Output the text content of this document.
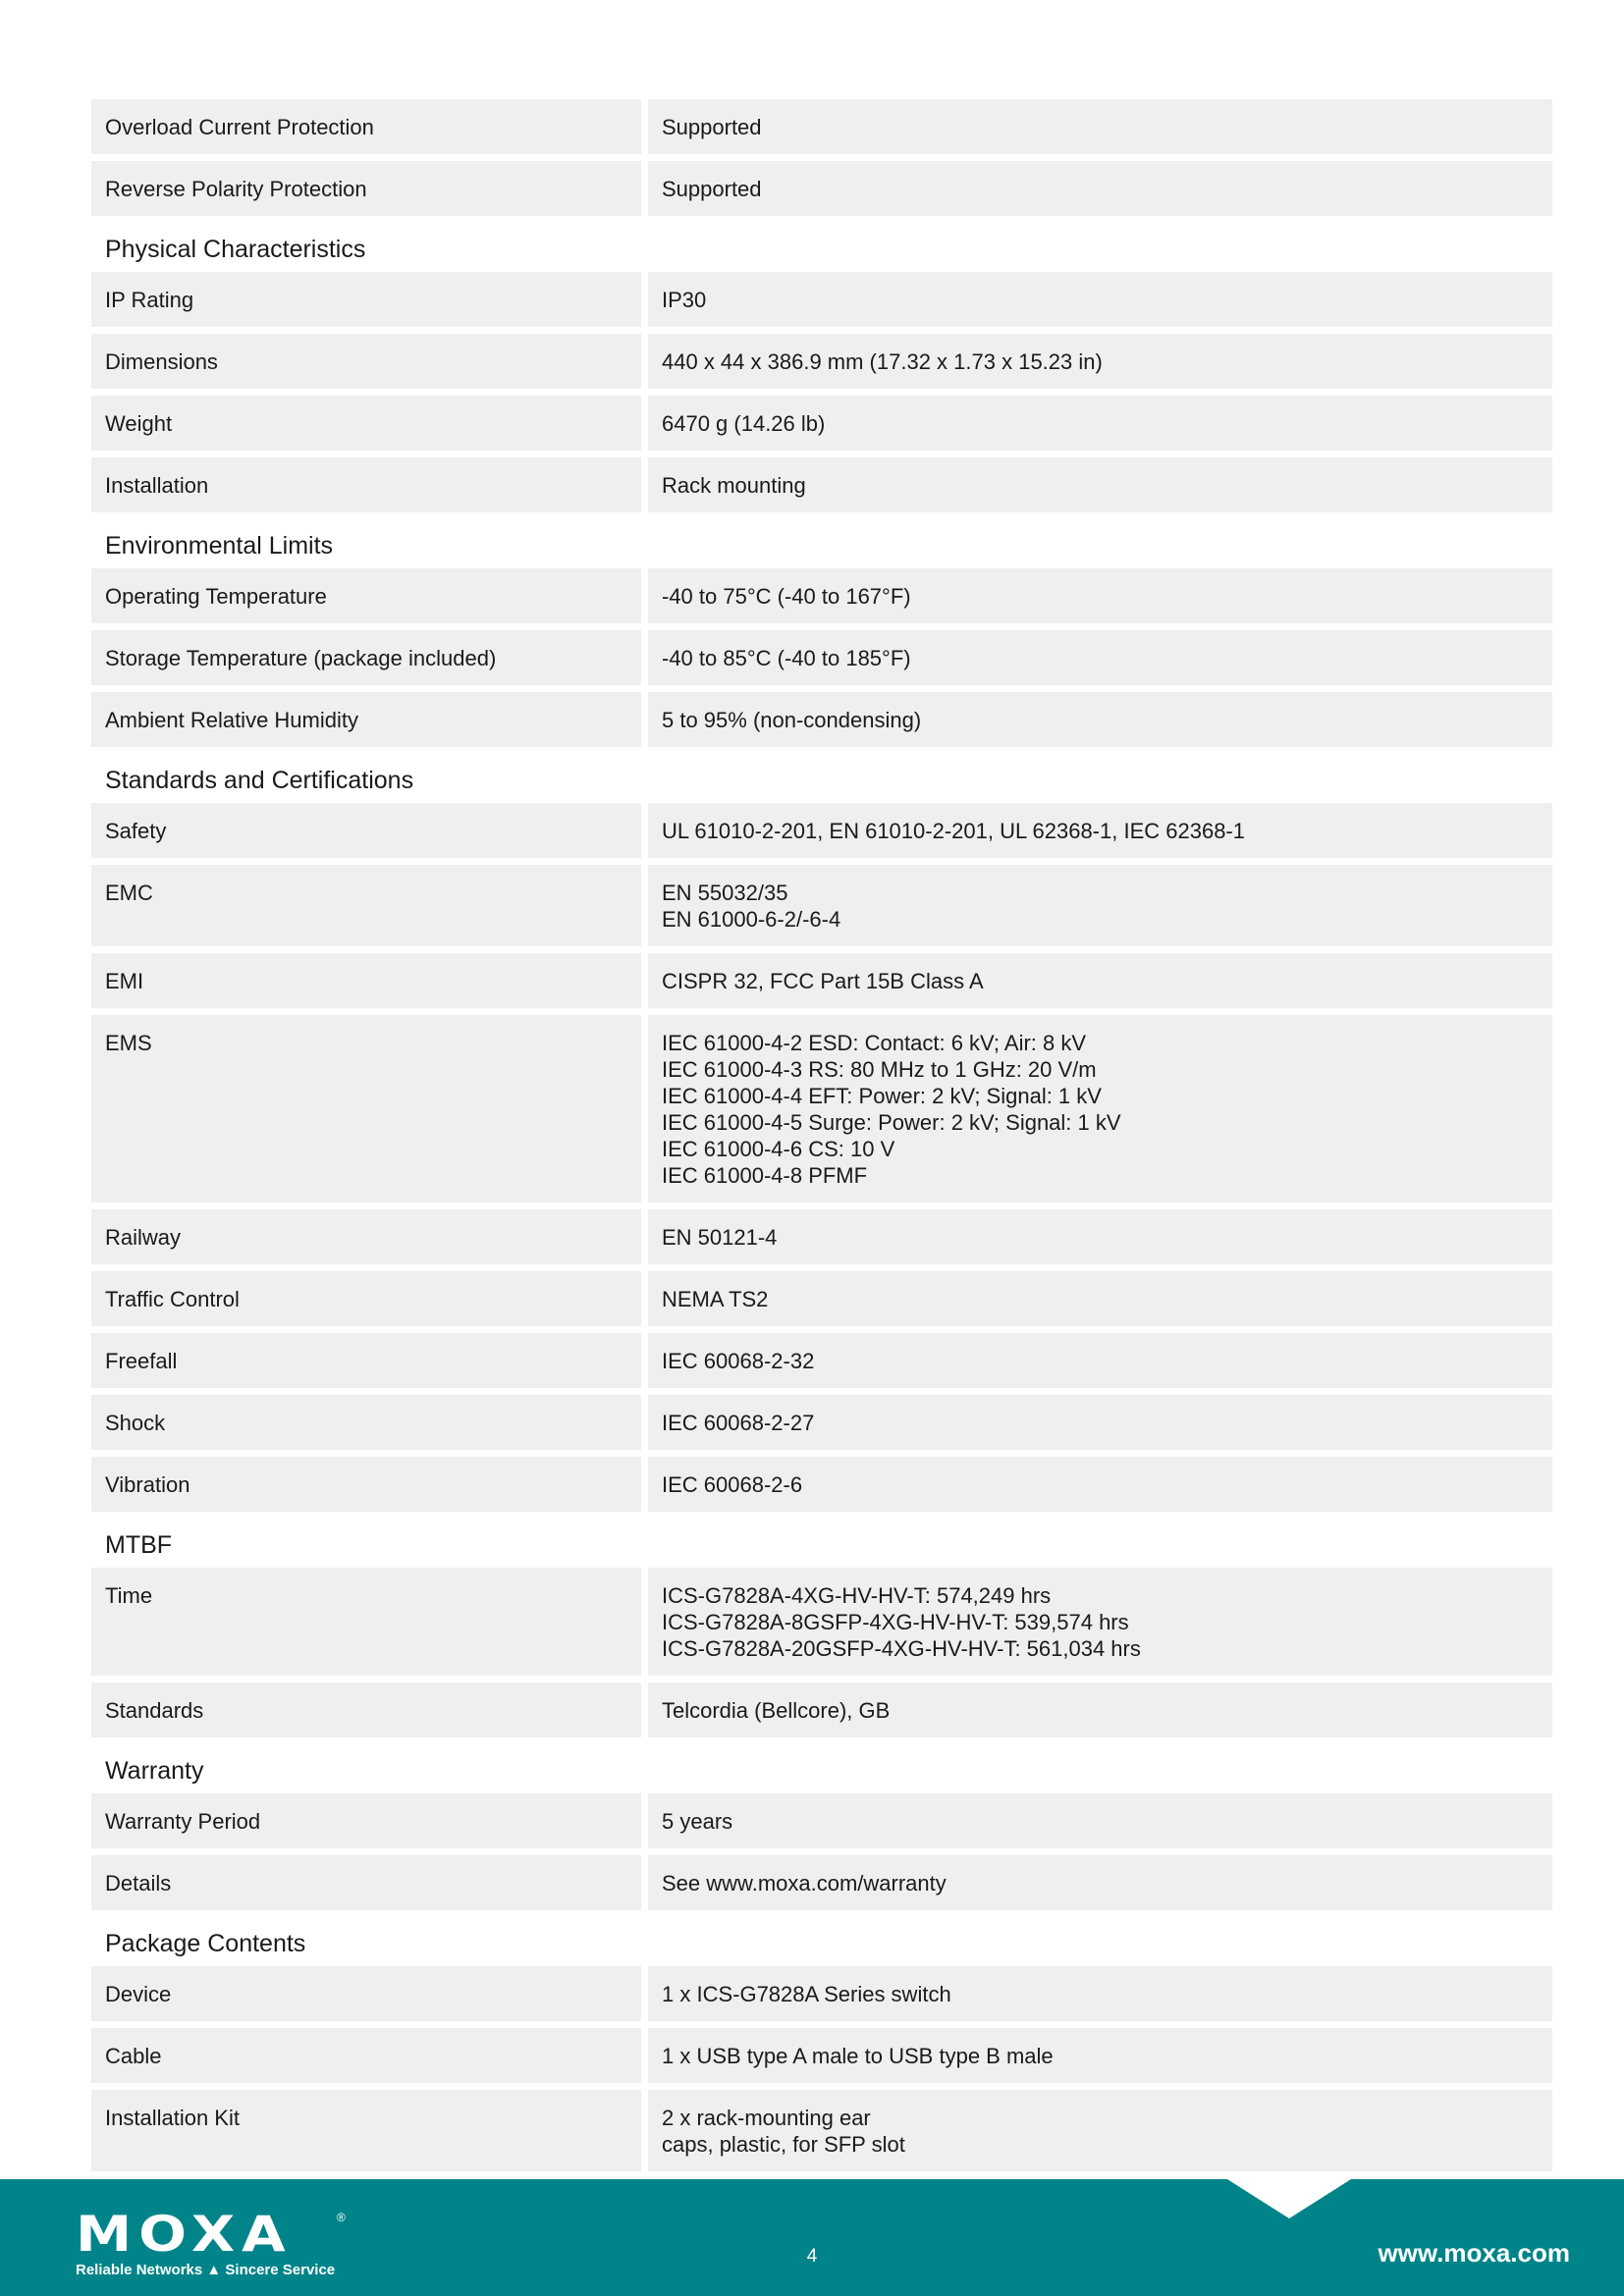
Overload Current Protection	Supported
Reverse Polarity Protection	Supported
Physical Characteristics
IP Rating	IP30
Dimensions	440 x 44 x 386.9 mm (17.32 x 1.73 x 15.23 in)
Weight	6470 g (14.26 lb)
Installation	Rack mounting
Environmental Limits
Operating Temperature	-40 to 75°C (-40 to 167°F)
Storage Temperature (package included)	-40 to 85°C (-40 to 185°F)
Ambient Relative Humidity	5 to 95% (non-condensing)
Standards and Certifications
Safety	UL 61010-2-201, EN 61010-2-201, UL 62368-1, IEC 62368-1
EMC	EN 55032/35
EN 61000-6-2/-6-4
EMI	CISPR 32, FCC Part 15B Class A
EMS	IEC 61000-4-2 ESD: Contact: 6 kV; Air: 8 kV
IEC 61000-4-3 RS: 80 MHz to 1 GHz: 20 V/m
IEC 61000-4-4 EFT: Power: 2 kV; Signal: 1 kV
IEC 61000-4-5 Surge: Power: 2 kV; Signal: 1 kV
IEC 61000-4-6 CS: 10 V
IEC 61000-4-8 PFMF
Railway	EN 50121-4
Traffic Control	NEMA TS2
Freefall	IEC 60068-2-32
Shock	IEC 60068-2-27
Vibration	IEC 60068-2-6
MTBF
Time	ICS-G7828A-4XG-HV-HV-T: 574,249 hrs
ICS-G7828A-8GSFP-4XG-HV-HV-T: 539,574 hrs
ICS-G7828A-20GSFP-4XG-HV-HV-T: 561,034 hrs
Standards	Telcordia (Bellcore), GB
Warranty
Warranty Period	5 years
Details	See www.moxa.com/warranty
Package Contents
Device	1 x ICS-G7828A Series switch
Cable	1 x USB type A male to USB type B male
Installation Kit	2 x rack-mounting ear
caps, plastic, for SFP slot
MOXA	®
Reliable Networks ▲ Sincere Service
4	www.moxa.com
